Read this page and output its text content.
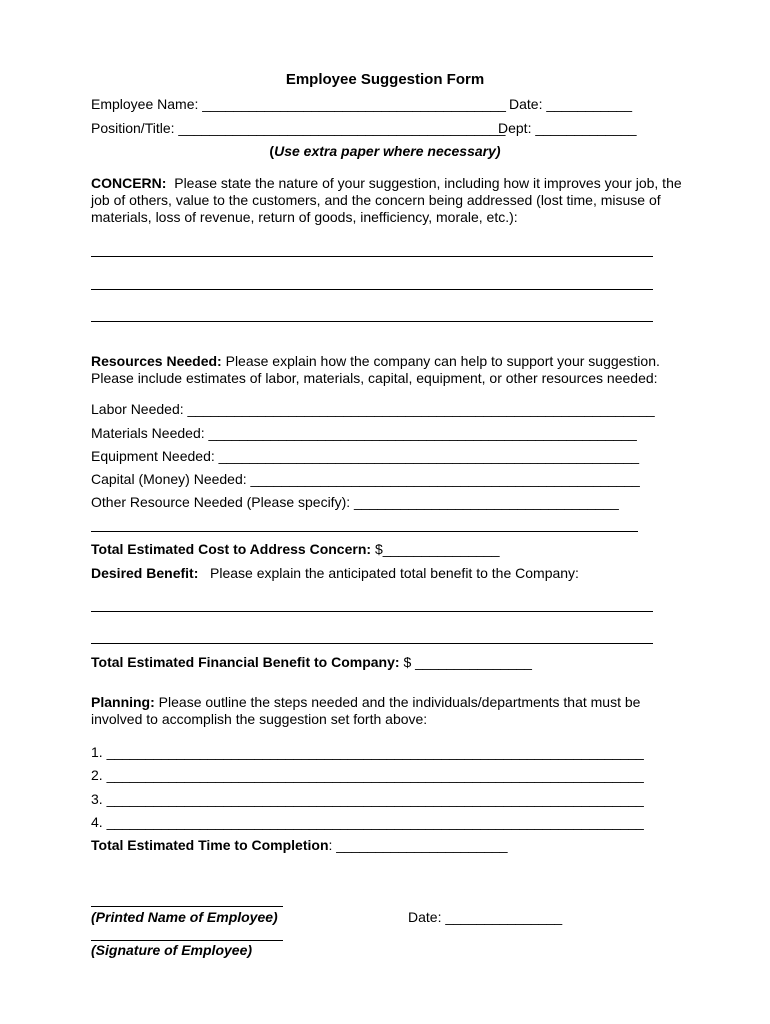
Employee Suggestion Form
Employee Name: _______________________________________ Date: ___________
Position/Title: __________________________________________
Dept: _____________
(Use extra paper where necessary)
CONCERN: Please state the nature of your suggestion, including how it improves your job, the job of others, value to the customers, and the concern being addressed (lost time, misuse of materials, loss of revenue, return of goods, inefficiency, morale, etc.):
Resources Needed: Please explain how the company can help to support your suggestion. Please include estimates of labor, materials, capital, equipment, or other resources needed:
Labor Needed: ____________________________________________________________
Materials Needed: _______________________________________________________
Equipment Needed: ______________________________________________________
Capital (Money) Needed: __________________________________________________
Other Resource Needed (Please specify): __________________________________
Total Estimated Cost to Address Concern: $_______________
Desired Benefit: Please explain the anticipated total benefit to the Company:
Total Estimated Financial Benefit to Company: $ _______________
Planning: Please outline the steps needed and the individuals/departments that must be involved to accomplish the suggestion set forth above:
1. _____________________________________________________________________
2. _____________________________________________________________________
3. _____________________________________________________________________
4. _____________________________________________________________________
Total Estimated Time to Completion: ______________________
(Printed Name of Employee)	Date: _______________
(Signature of Employee)
